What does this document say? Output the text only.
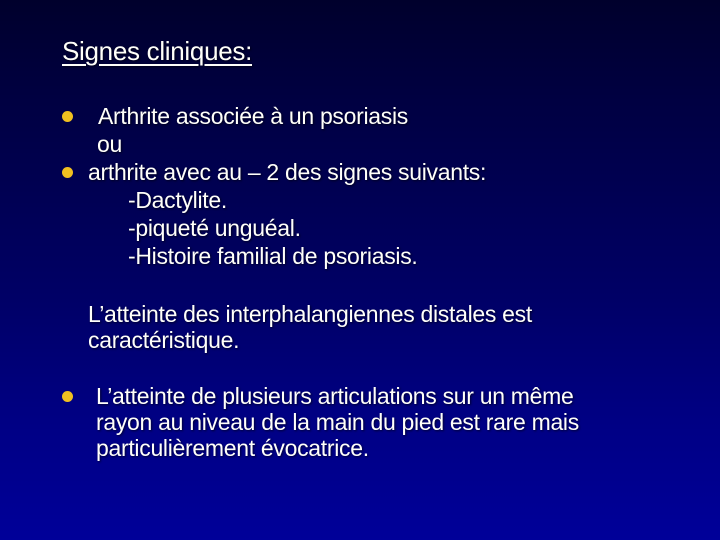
Signes cliniques:
Arthrite associée à un psoriasis
ou
arthrite avec au – 2 des signes suivants:
-Dactylite.
-piqueté unguéal.
-Histoire familial de psoriasis.
L’atteinte des interphalangiennes distales est
caractéristique.
L’atteinte de plusieurs articulations sur un même
rayon au niveau de la main du pied est rare mais
particulièrement évocatrice.
